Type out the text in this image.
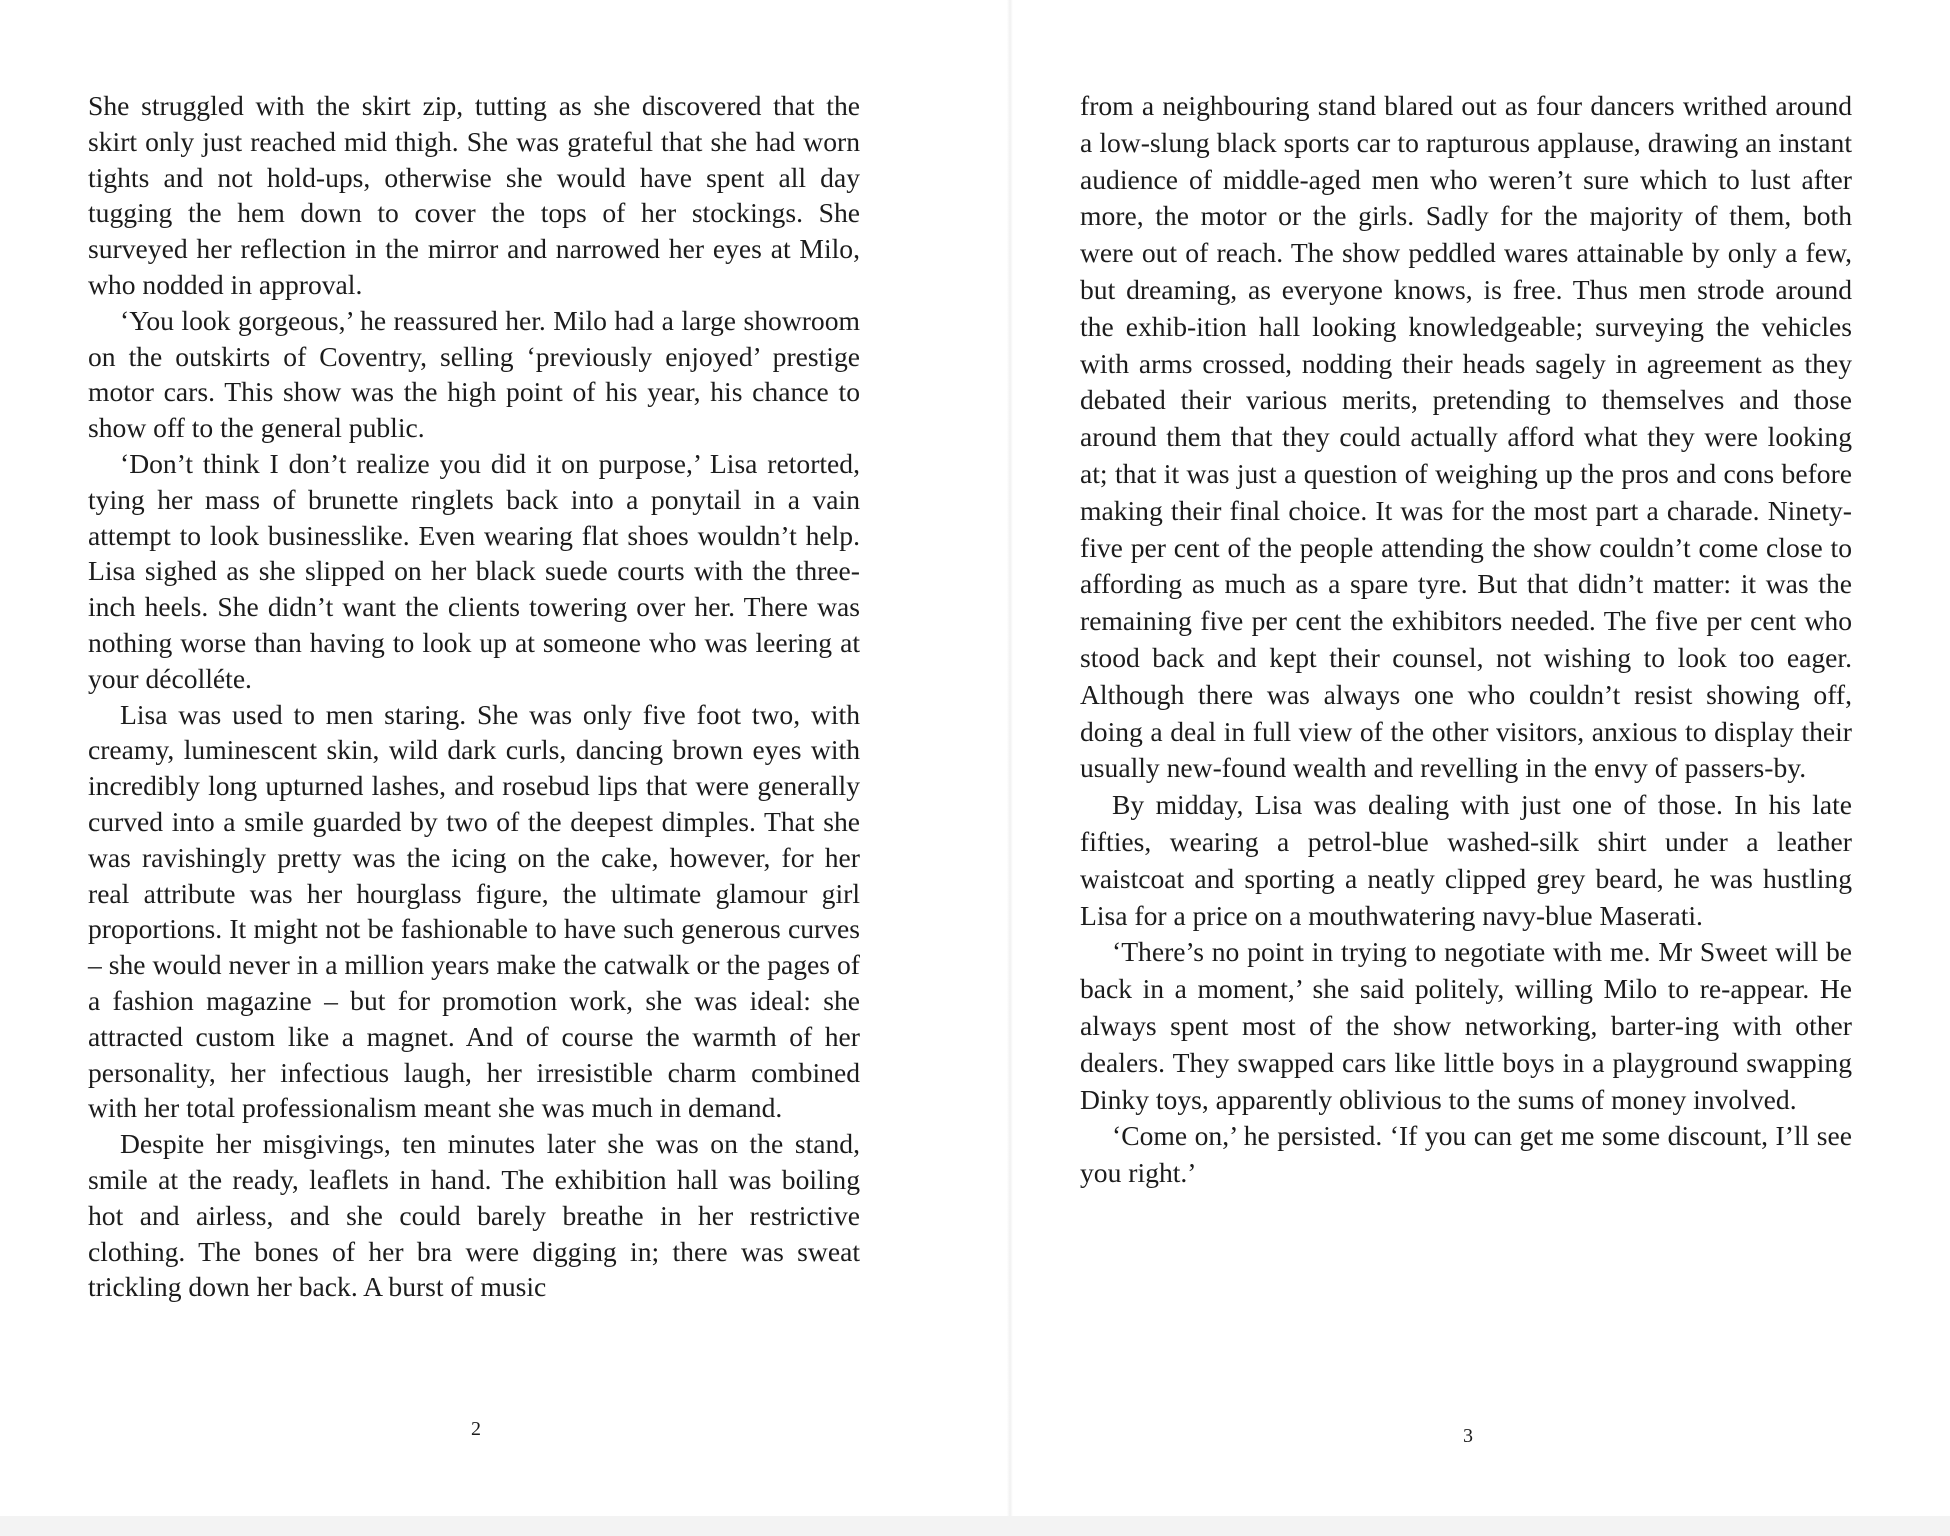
She struggled with the skirt zip, tutting as she discovered that the skirt only just reached mid thigh. She was grateful that she had worn tights and not hold-ups, otherwise she would have spent all day tugging the hem down to cover the tops of her stockings. She surveyed her reflection in the mirror and narrowed her eyes at Milo, who nodded in approval.

‘You look gorgeous,’ he reassured her. Milo had a large showroom on the outskirts of Coventry, selling ‘previously enjoyed’ prestige motor cars. This show was the high point of his year, his chance to show off to the general public.

‘Don’t think I don’t realize you did it on purpose,’ Lisa retorted, tying her mass of brunette ringlets back into a ponytail in a vain attempt to look businesslike. Even wearing flat shoes wouldn’t help. Lisa sighed as she slipped on her black suede courts with the three-inch heels. She didn’t want the clients towering over her. There was nothing worse than having to look up at someone who was leering at your décolléte.

Lisa was used to men staring. She was only five foot two, with creamy, luminescent skin, wild dark curls, dancing brown eyes with incredibly long upturned lashes, and rosebud lips that were generally curved into a smile guarded by two of the deepest dimples. That she was ravishingly pretty was the icing on the cake, however, for her real attribute was her hourglass figure, the ultimate glamour girl proportions. It might not be fashionable to have such generous curves – she would never in a million years make the catwalk or the pages of a fashion magazine – but for promotion work, she was ideal: she attracted custom like a magnet. And of course the warmth of her personality, her infectious laugh, her irresistible charm combined with her total professionalism meant she was much in demand.

Despite her misgivings, ten minutes later she was on the stand, smile at the ready, leaflets in hand. The exhibition hall was boiling hot and airless, and she could barely breathe in her restrictive clothing. The bones of her bra were digging in; there was sweat trickling down her back. A burst of music

2

from a neighbouring stand blared out as four dancers writhed around a low-slung black sports car to rapturous applause, drawing an instant audience of middle-aged men who weren’t sure which to lust after more, the motor or the girls. Sadly for the majority of them, both were out of reach. The show peddled wares attainable by only a few, but dreaming, as everyone knows, is free. Thus men strode around the exhib-ition hall looking knowledgeable; surveying the vehicles with arms crossed, nodding their heads sagely in agreement as they debated their various merits, pretending to themselves and those around them that they could actually afford what they were looking at; that it was just a question of weighing up the pros and cons before making their final choice. It was for the most part a charade. Ninety-five per cent of the people attending the show couldn’t come close to affording as much as a spare tyre. But that didn’t matter: it was the remaining five per cent the exhibitors needed. The five per cent who stood back and kept their counsel, not wishing to look too eager. Although there was always one who couldn’t resist showing off, doing a deal in full view of the other visitors, anxious to display their usually new-found wealth and revelling in the envy of passers-by.

By midday, Lisa was dealing with just one of those. In his late fifties, wearing a petrol-blue washed-silk shirt under a leather waistcoat and sporting a neatly clipped grey beard, he was hustling Lisa for a price on a mouthwatering navy-blue Maserati.

‘There’s no point in trying to negotiate with me. Mr Sweet will be back in a moment,’ she said politely, willing Milo to re-appear. He always spent most of the show networking, barter-ing with other dealers. They swapped cars like little boys in a playground swapping Dinky toys, apparently oblivious to the sums of money involved.

‘Come on,’ he persisted. ‘If you can get me some discount, I’ll see you right.’

3
